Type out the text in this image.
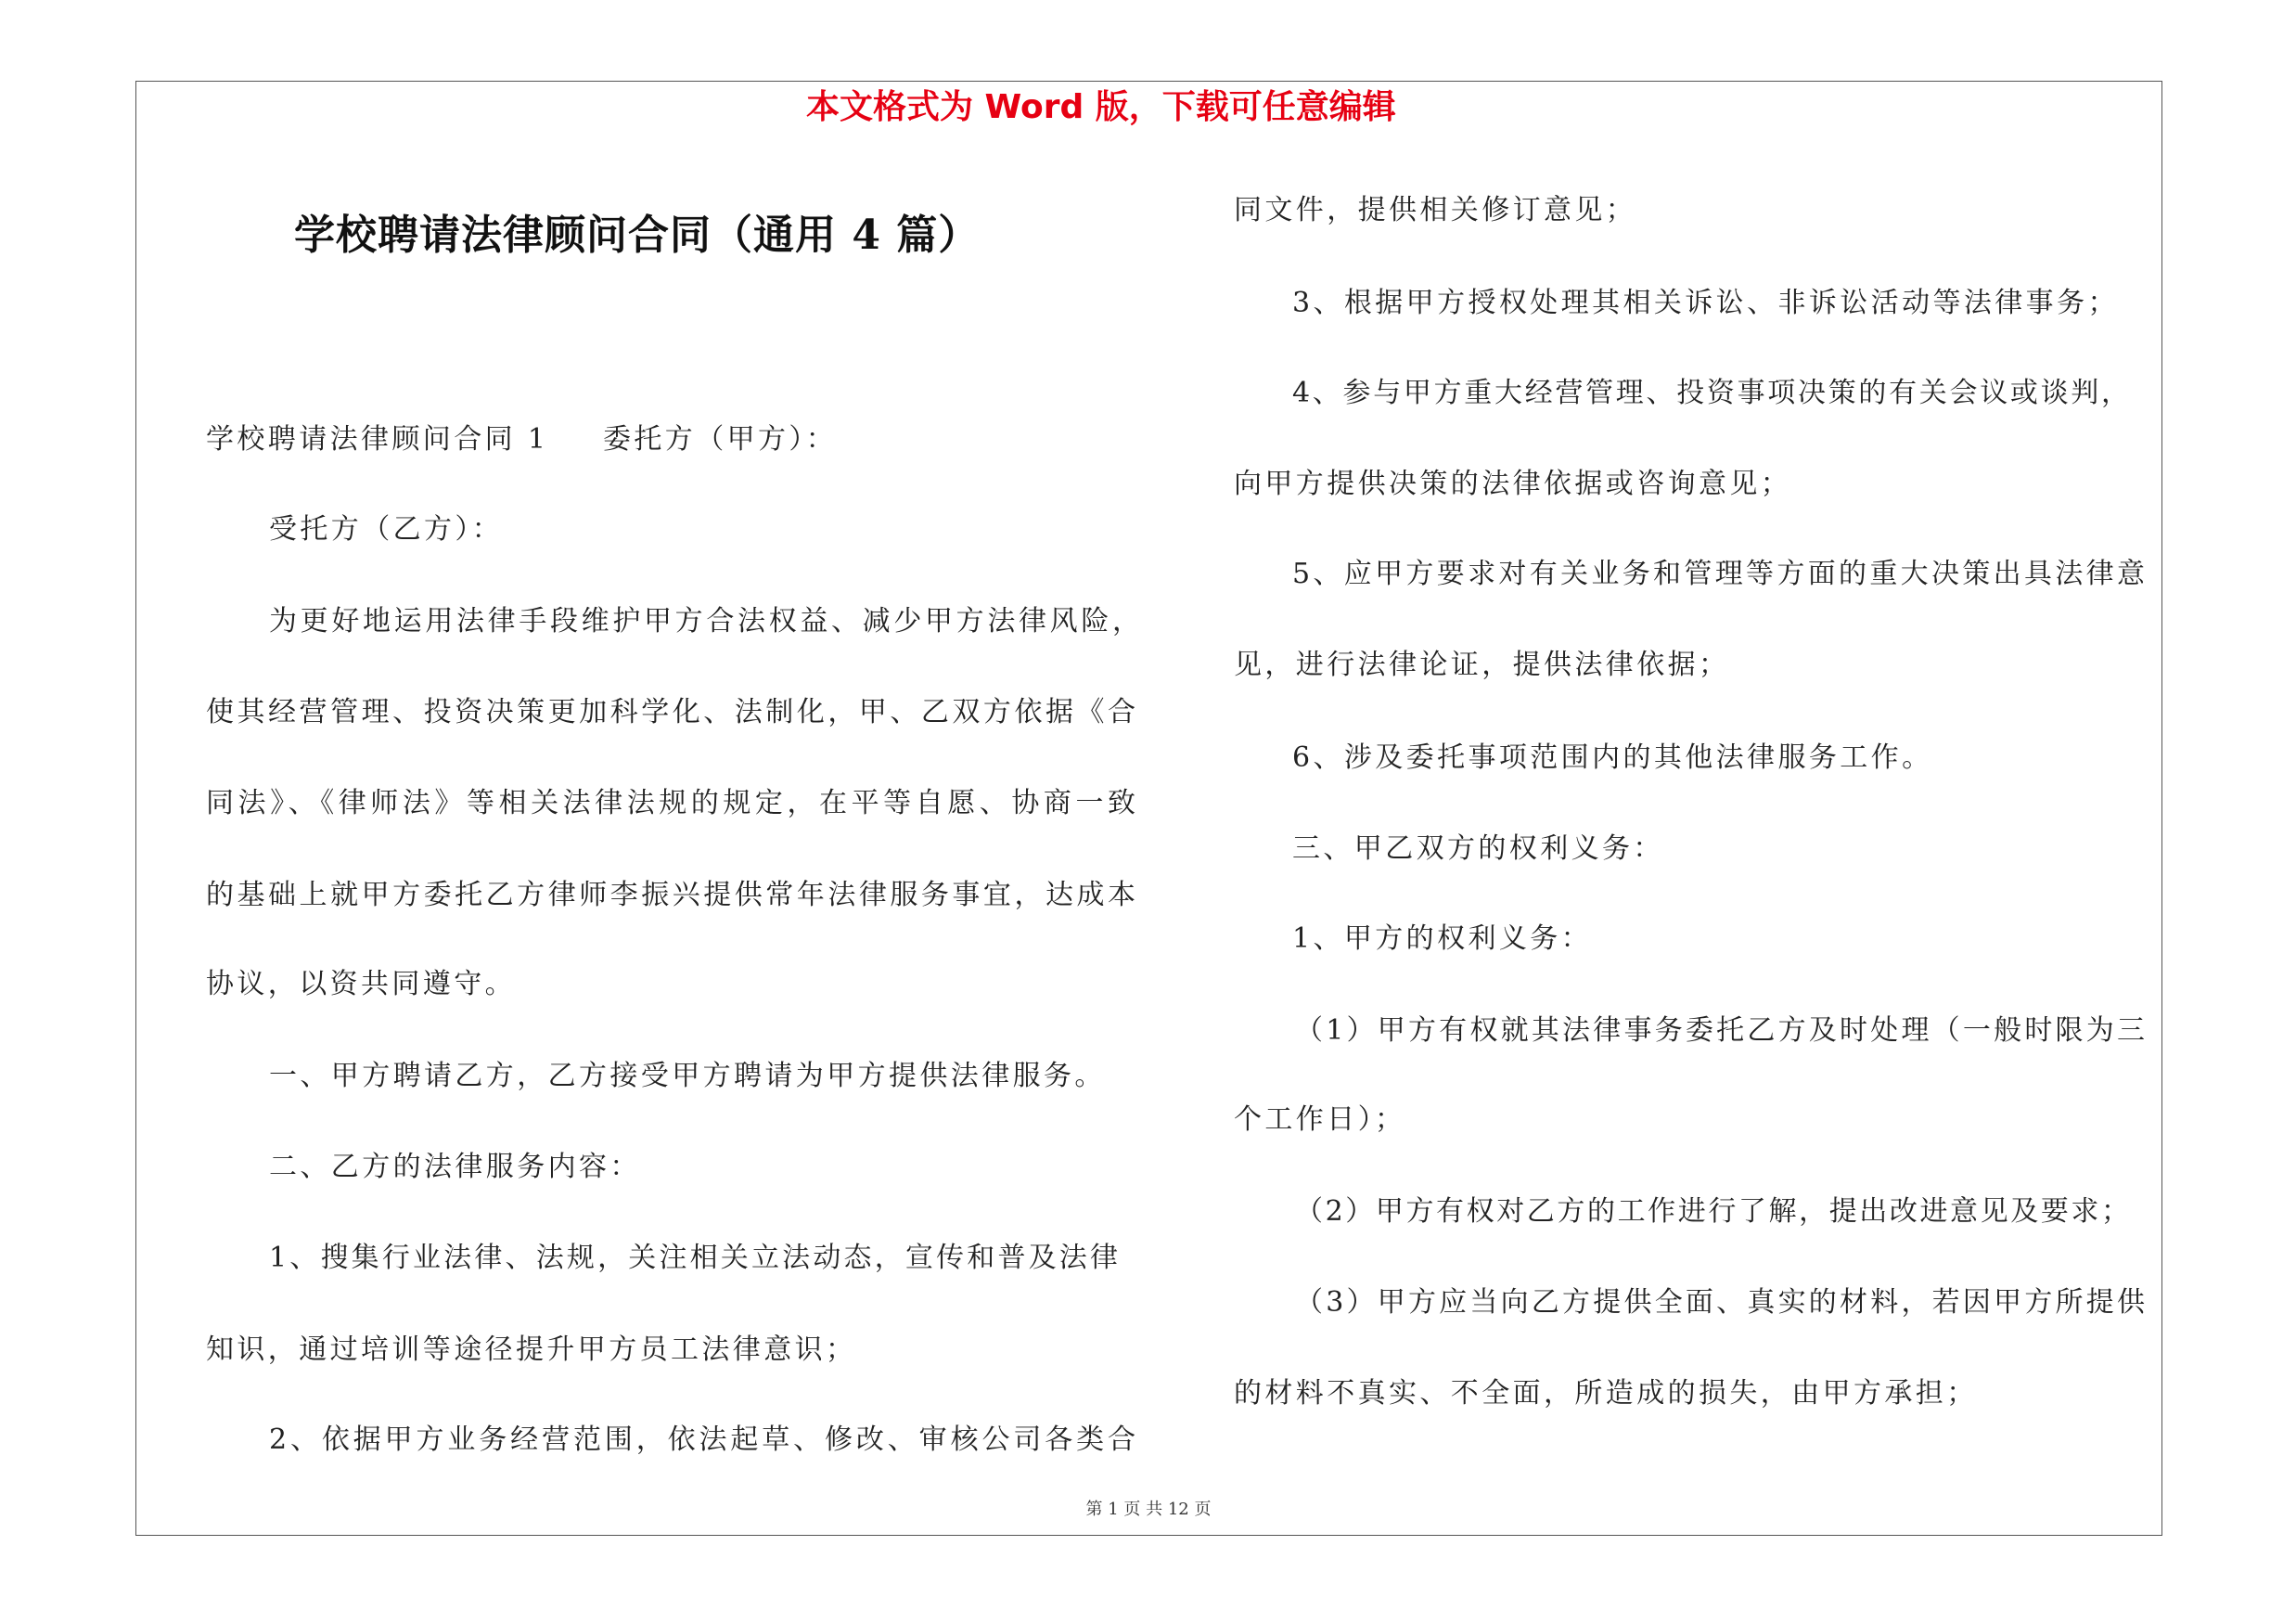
本文格式为 Word 版，下载可任意编辑
学校聘请法律顾问合同（通用 4 篇）
学校聘请法律顾问合同 1 委托方（甲方）：
受托方（乙方）：
为更好地运用法律手段维护甲方合法权益、减少甲方法律风险，
使其经营管理、投资决策更加科学化、法制化，甲、乙双方依据《合
同法》、《律师法》等相关法律法规的规定，在平等自愿、协商一致
的基础上就甲方委托乙方律师李振兴提供常年法律服务事宜，达成本
协议，以资共同遵守。
一、甲方聘请乙方，乙方接受甲方聘请为甲方提供法律服务。
二、乙方的法律服务内容：
1、搜集行业法律、法规，关注相关立法动态，宣传和普及法律
知识，通过培训等途径提升甲方员工法律意识；
2、依据甲方业务经营范围，依法起草、修改、审核公司各类合
同文件，提供相关修订意见；
3、根据甲方授权处理其相关诉讼、非诉讼活动等法律事务；
4、参与甲方重大经营管理、投资事项决策的有关会议或谈判，
向甲方提供决策的法律依据或咨询意见；
5、应甲方要求对有关业务和管理等方面的重大决策出具法律意
见，进行法律论证，提供法律依据；
6、涉及委托事项范围内的其他法律服务工作。
三、甲乙双方的权利义务：
1、甲方的权利义务：
（1）甲方有权就其法律事务委托乙方及时处理（一般时限为三
个工作日）；
（2）甲方有权对乙方的工作进行了解，提出改进意见及要求；
（3）甲方应当向乙方提供全面、真实的材料，若因甲方所提供
的材料不真实、不全面，所造成的损失，由甲方承担；
第 1 页 共 12 页
